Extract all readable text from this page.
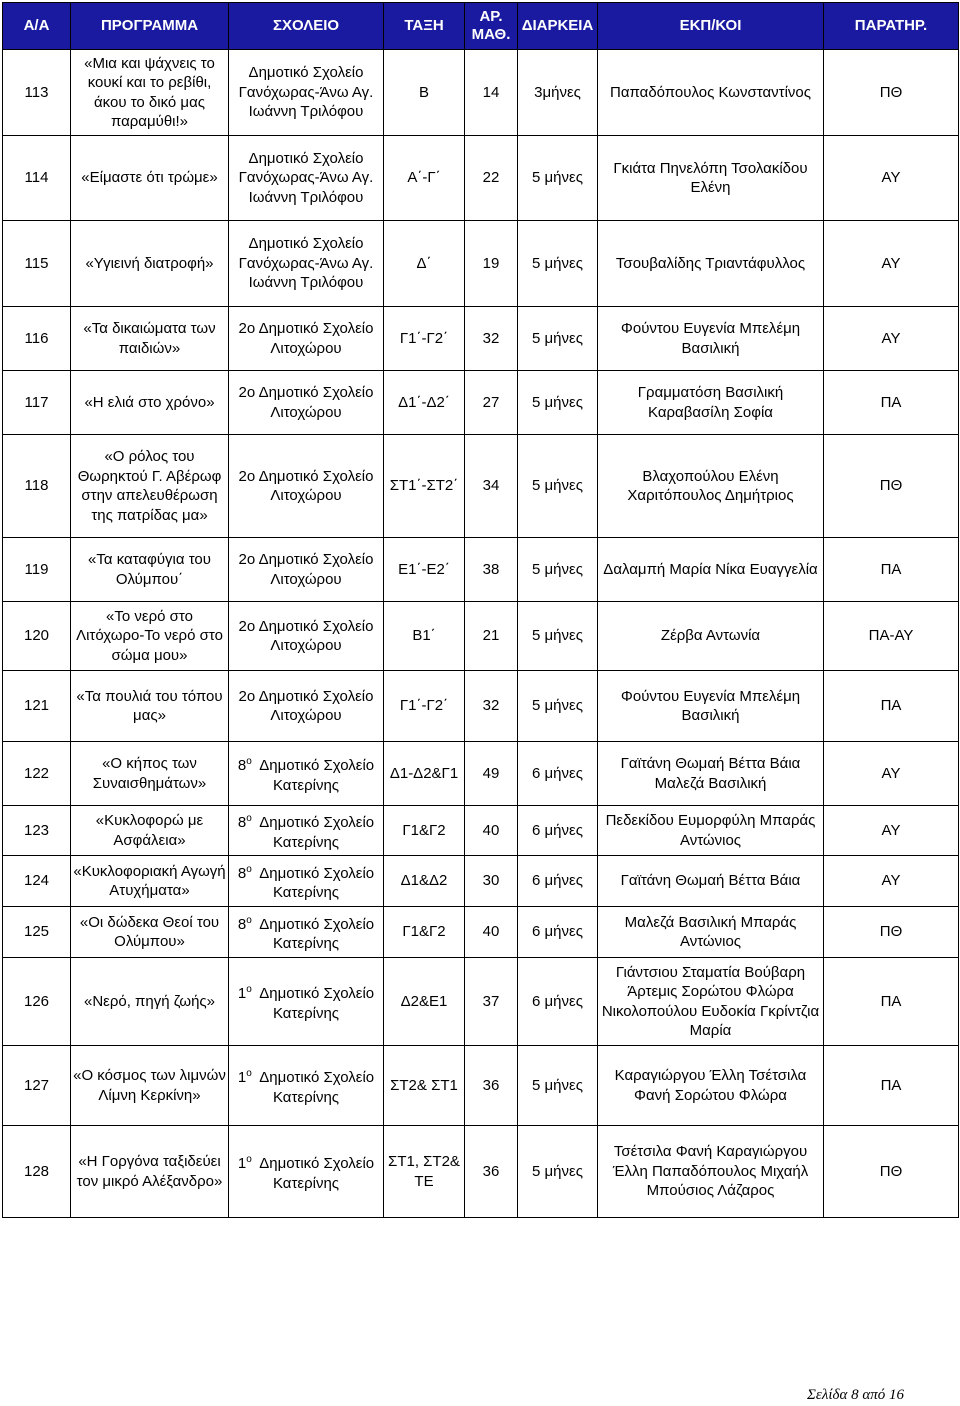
Α/Α	ΠΡΟΓΡΑΜΜΑ	ΣΧΟΛΕΙΟ	ΤΑΞΗ	ΑΡ. ΜΑΘ.	ΔΙΑΡΚΕΙΑ	ΕΚΠ/ΚΟΙ	ΠΑΡΑΤΗΡ.
113	«Μια και ψάχνεις το κουκί και το ρεβίθι, άκου το δικό μας παραμύθι!»	Δημοτικό Σχολείο Γανόχωρας-Άνω Αγ. Ιωάννη Τριλόφου	Β	14	3μήνες	Παπαδόπουλος Κωνσταντίνος	ΠΘ
114	«Είμαστε ότι τρώμε»	Δημοτικό Σχολείο Γανόχωρας-Άνω Αγ. Ιωάννη Τριλόφου	Α΄-Γ΄	22	5 μήνες	Γκιάτα Πηνελόπη Τσολακίδου Ελένη	ΑΥ
115	«Υγιεινή διατροφή»	Δημοτικό Σχολείο Γανόχωρας-Άνω Αγ. Ιωάννη Τριλόφου	Δ΄	19	5 μήνες	Τσουβαλίδης Τριαντάφυλλος	ΑΥ
116	«Τα δικαιώματα των παιδιών»	2ο Δημοτικό Σχολείο Λιτοχώρου	Γ1΄-Γ2΄	32	5 μήνες	Φούντου Ευγενία Μπελέμη Βασιλική	ΑΥ
117	«Η ελιά στο χρόνο»	2ο Δημοτικό Σχολείο Λιτοχώρου	Δ1΄-Δ2΄	27	5 μήνες	Γραμματόση Βασιλική Καραβασίλη Σοφία	ΠΑ
118	«Ο ρόλος του Θωρηκτού Γ. Αβέρωφ στην απελευθέρωση της πατρίδας μα»	2ο Δημοτικό Σχολείο Λιτοχώρου	ΣΤ1΄-ΣΤ2΄	34	5 μήνες	Βλαχοπούλου Ελένη Χαριτόπουλος Δημήτριος	ΠΘ
119	«Τα καταφύγια του Ολύμπου΄	2ο Δημοτικό Σχολείο Λιτοχώρου	Ε1΄-Ε2΄	38	5 μήνες	Δαλαμπή Μαρία Νίκα Ευαγγελία	ΠΑ
120	«Το νερό στο Λιτόχωρο-Το νερό στο σώμα μου»	2ο Δημοτικό Σχολείο Λιτοχώρου	Β1΄	21	5 μήνες	Ζέρβα Αντωνία	ΠΑ-ΑΥ
121	«Τα πουλιά του τόπου μας»	2ο Δημοτικό Σχολείο Λιτοχώρου	Γ1΄-Γ2΄	32	5 μήνες	Φούντου Ευγενία Μπελέμη Βασιλική	ΠΑ
122	«Ο κήπος των Συναισθημάτων»	$8^o$ Δημοτικό Σχολείο Κατερίνης	Δ1-Δ2&Γ1	49	6 μήνες	Γαϊτάνη Θωμαή Βέττα Βάια Μαλεζά Βασιλική	ΑΥ
123	«Κυκλοφορώ με Ασφάλεια»	$8^o$ Δημοτικό Σχολείο Κατερίνης	Γ1&Γ2	40	6 μήνες	Πεδεκίδου Ευμορφύλη Μπαράς Αντώνιος	ΑΥ
124	«Κυκλοφοριακή Αγωγή Ατυχήματα»	$8^o$ Δημοτικό Σχολείο Κατερίνης	Δ1&Δ2	30	6 μήνες	Γαϊτάνη Θωμαή Βέττα Βάια	ΑΥ
125	«Οι δώδεκα Θεοί του Ολύμπου»	$8^o$ Δημοτικό Σχολείο Κατερίνης	Γ1&Γ2	40	6 μήνες	Μαλεζά Βασιλική Μπαράς Αντώνιος	ΠΘ
126	«Νερό, πηγή ζωής»	$1^o$ Δημοτικό Σχολείο Κατερίνης	Δ2&Ε1	37	6 μήνες	Γιάντσιου Σταματία Βούβαρη Άρτεμις Σορώτου Φλώρα Νικολοπούλου Ευδοκία Γκρίντζια Μαρία	ΠΑ
127	«Ο κόσμος των λιμνών Λίμνη Κερκίνη»	$1^o$ Δημοτικό Σχολείο Κατερίνης	ΣΤ2& ΣΤ1	36	5 μήνες	Καραγιώργου Έλλη Τσέτσιλα Φανή Σορώτου Φλώρα	ΠΑ
128	«Η Γοργόνα ταξιδεύει τον μικρό Αλέξανδρο»	$1^o$ Δημοτικό Σχολείο Κατερίνης	ΣΤ1, ΣΤ2& ΤΕ	36	5 μήνες	Τσέτσιλα Φανή Καραγιώργου Έλλη Παπαδόπουλος Μιχαήλ Μπούσιος Λάζαρος	ΠΘ
Σελίδα 8 από 16
